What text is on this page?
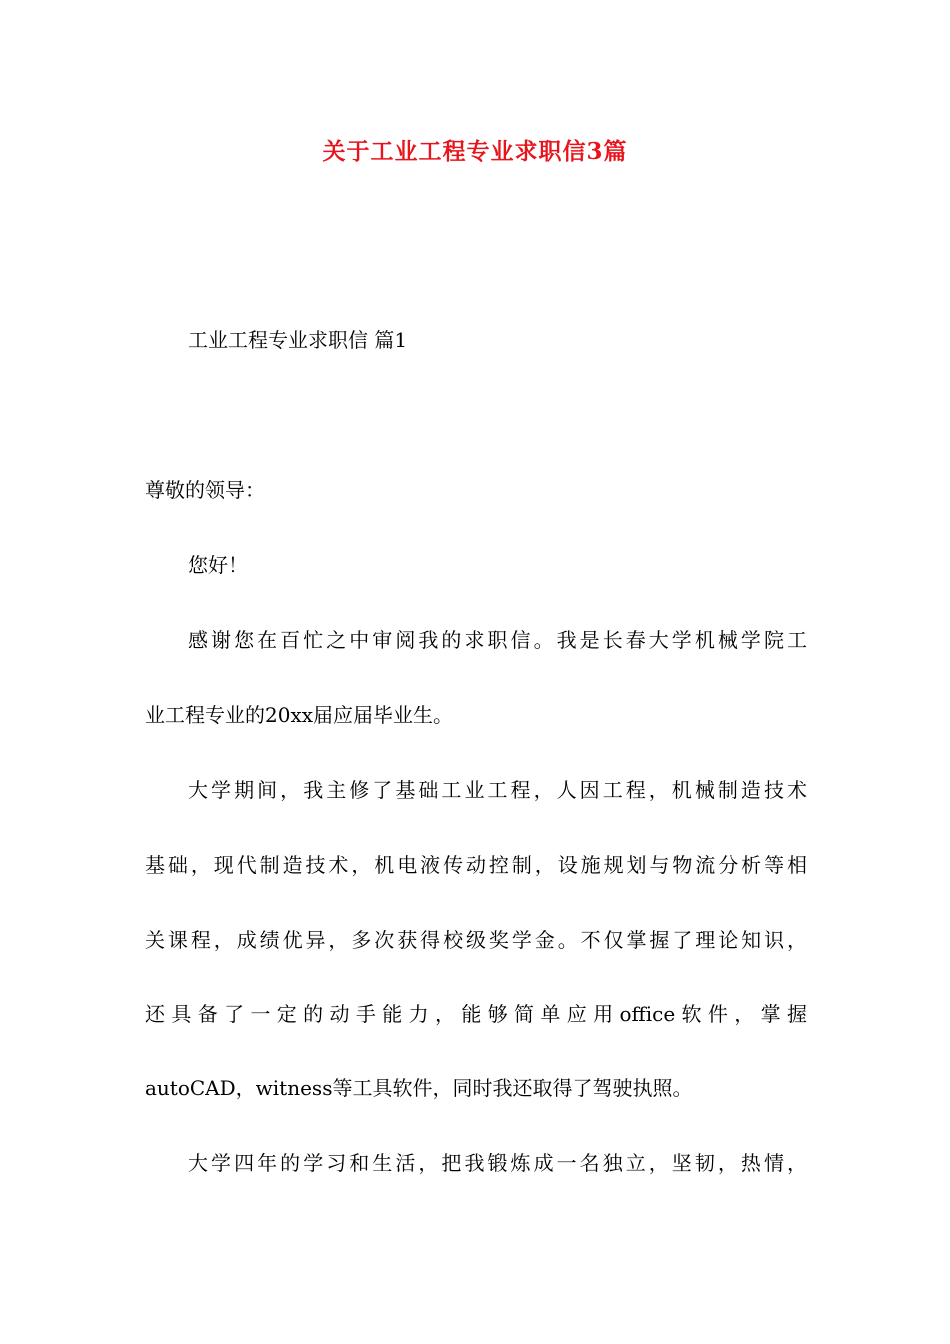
关于工业工程专业求职信3篇
工业工程专业求职信 篇1
尊敬的领导：
您好！
感谢您在百忙之中审阅我的求职信。我是长春大学机械学院工
业工程专业的20xx届应届毕业生。
大学期间，我主修了基础工业工程，人因工程，机械制造技术
基础，现代制造技术，机电液传动控制，设施规划与物流分析等相
关课程，成绩优异，多次获得校级奖学金。不仅掌握了理论知识，
还具备了一定的动手能力，能够简单应用office软件，掌握
autoCAD，witness等工具软件，同时我还取得了驾驶执照。
大学四年的学习和生活，把我锻炼成一名独立，坚韧，热情，
